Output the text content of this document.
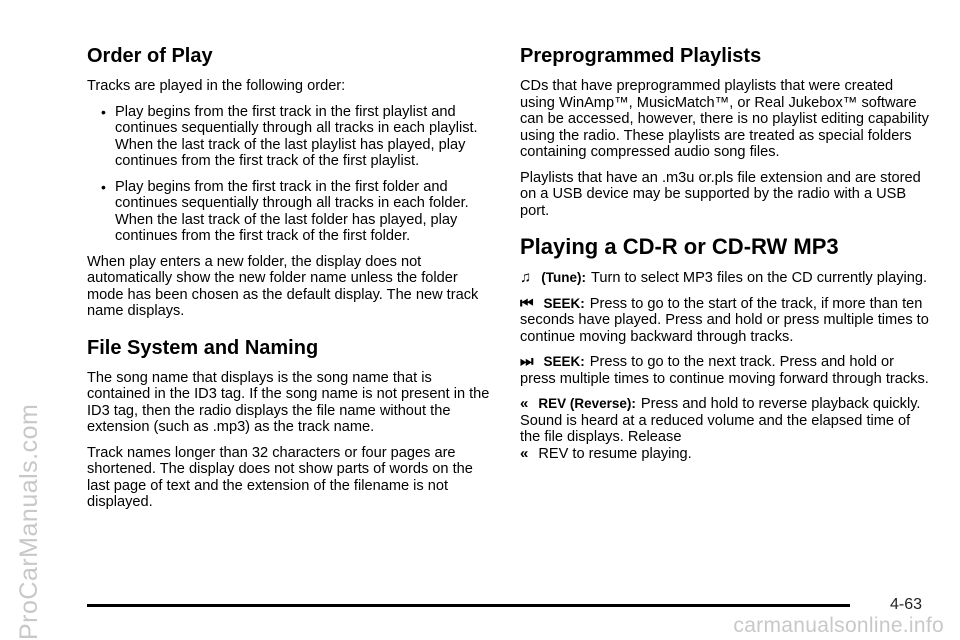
ProCarManuals.com
Order of Play

Tracks are played in the following order:

• Play begins from the first track in the first playlist and continues sequentially through all tracks in each playlist. When the last track of the last playlist has played, play continues from the first track of the first playlist.
• Play begins from the first track in the first folder and continues sequentially through all tracks in each folder. When the last track of the last folder has played, play continues from the first track of the first folder.

When play enters a new folder, the display does not automatically show the new folder name unless the folder mode has been chosen as the default display. The new track name displays.

File System and Naming

The song name that displays is the song name that is contained in the ID3 tag. If the song name is not present in the ID3 tag, then the radio displays the file name without the extension (such as .mp3) as the track name.

Track names longer than 32 characters or four pages are shortened. The display does not show parts of words on the last page of text and the extension of the filename is not displayed.

Preprogrammed Playlists

CDs that have preprogrammed playlists that were created using WinAmp™, MusicMatch™, or Real Jukebox™ software can be accessed, however, there is no playlist editing capability using the radio. These playlists are treated as special folders containing compressed audio song files.

Playlists that have an .m3u or.pls file extension and are stored on a USB device may be supported by the radio with a USB port.

Playing a CD-R or CD-RW MP3

♫ (Tune): Turn to select MP3 files on the CD currently playing.

⏮ SEEK: Press to go to the start of the track, if more than ten seconds have played. Press and hold or press multiple times to continue moving backward through tracks.

⏭ SEEK: Press to go to the next track. Press and hold or press multiple times to continue moving forward through tracks.

« REV (Reverse): Press and hold to reverse playback quickly. Sound is heard at a reduced volume and the elapsed time of the file displays. Release
« REV to resume playing.

4-63
carmanualsonline.info
